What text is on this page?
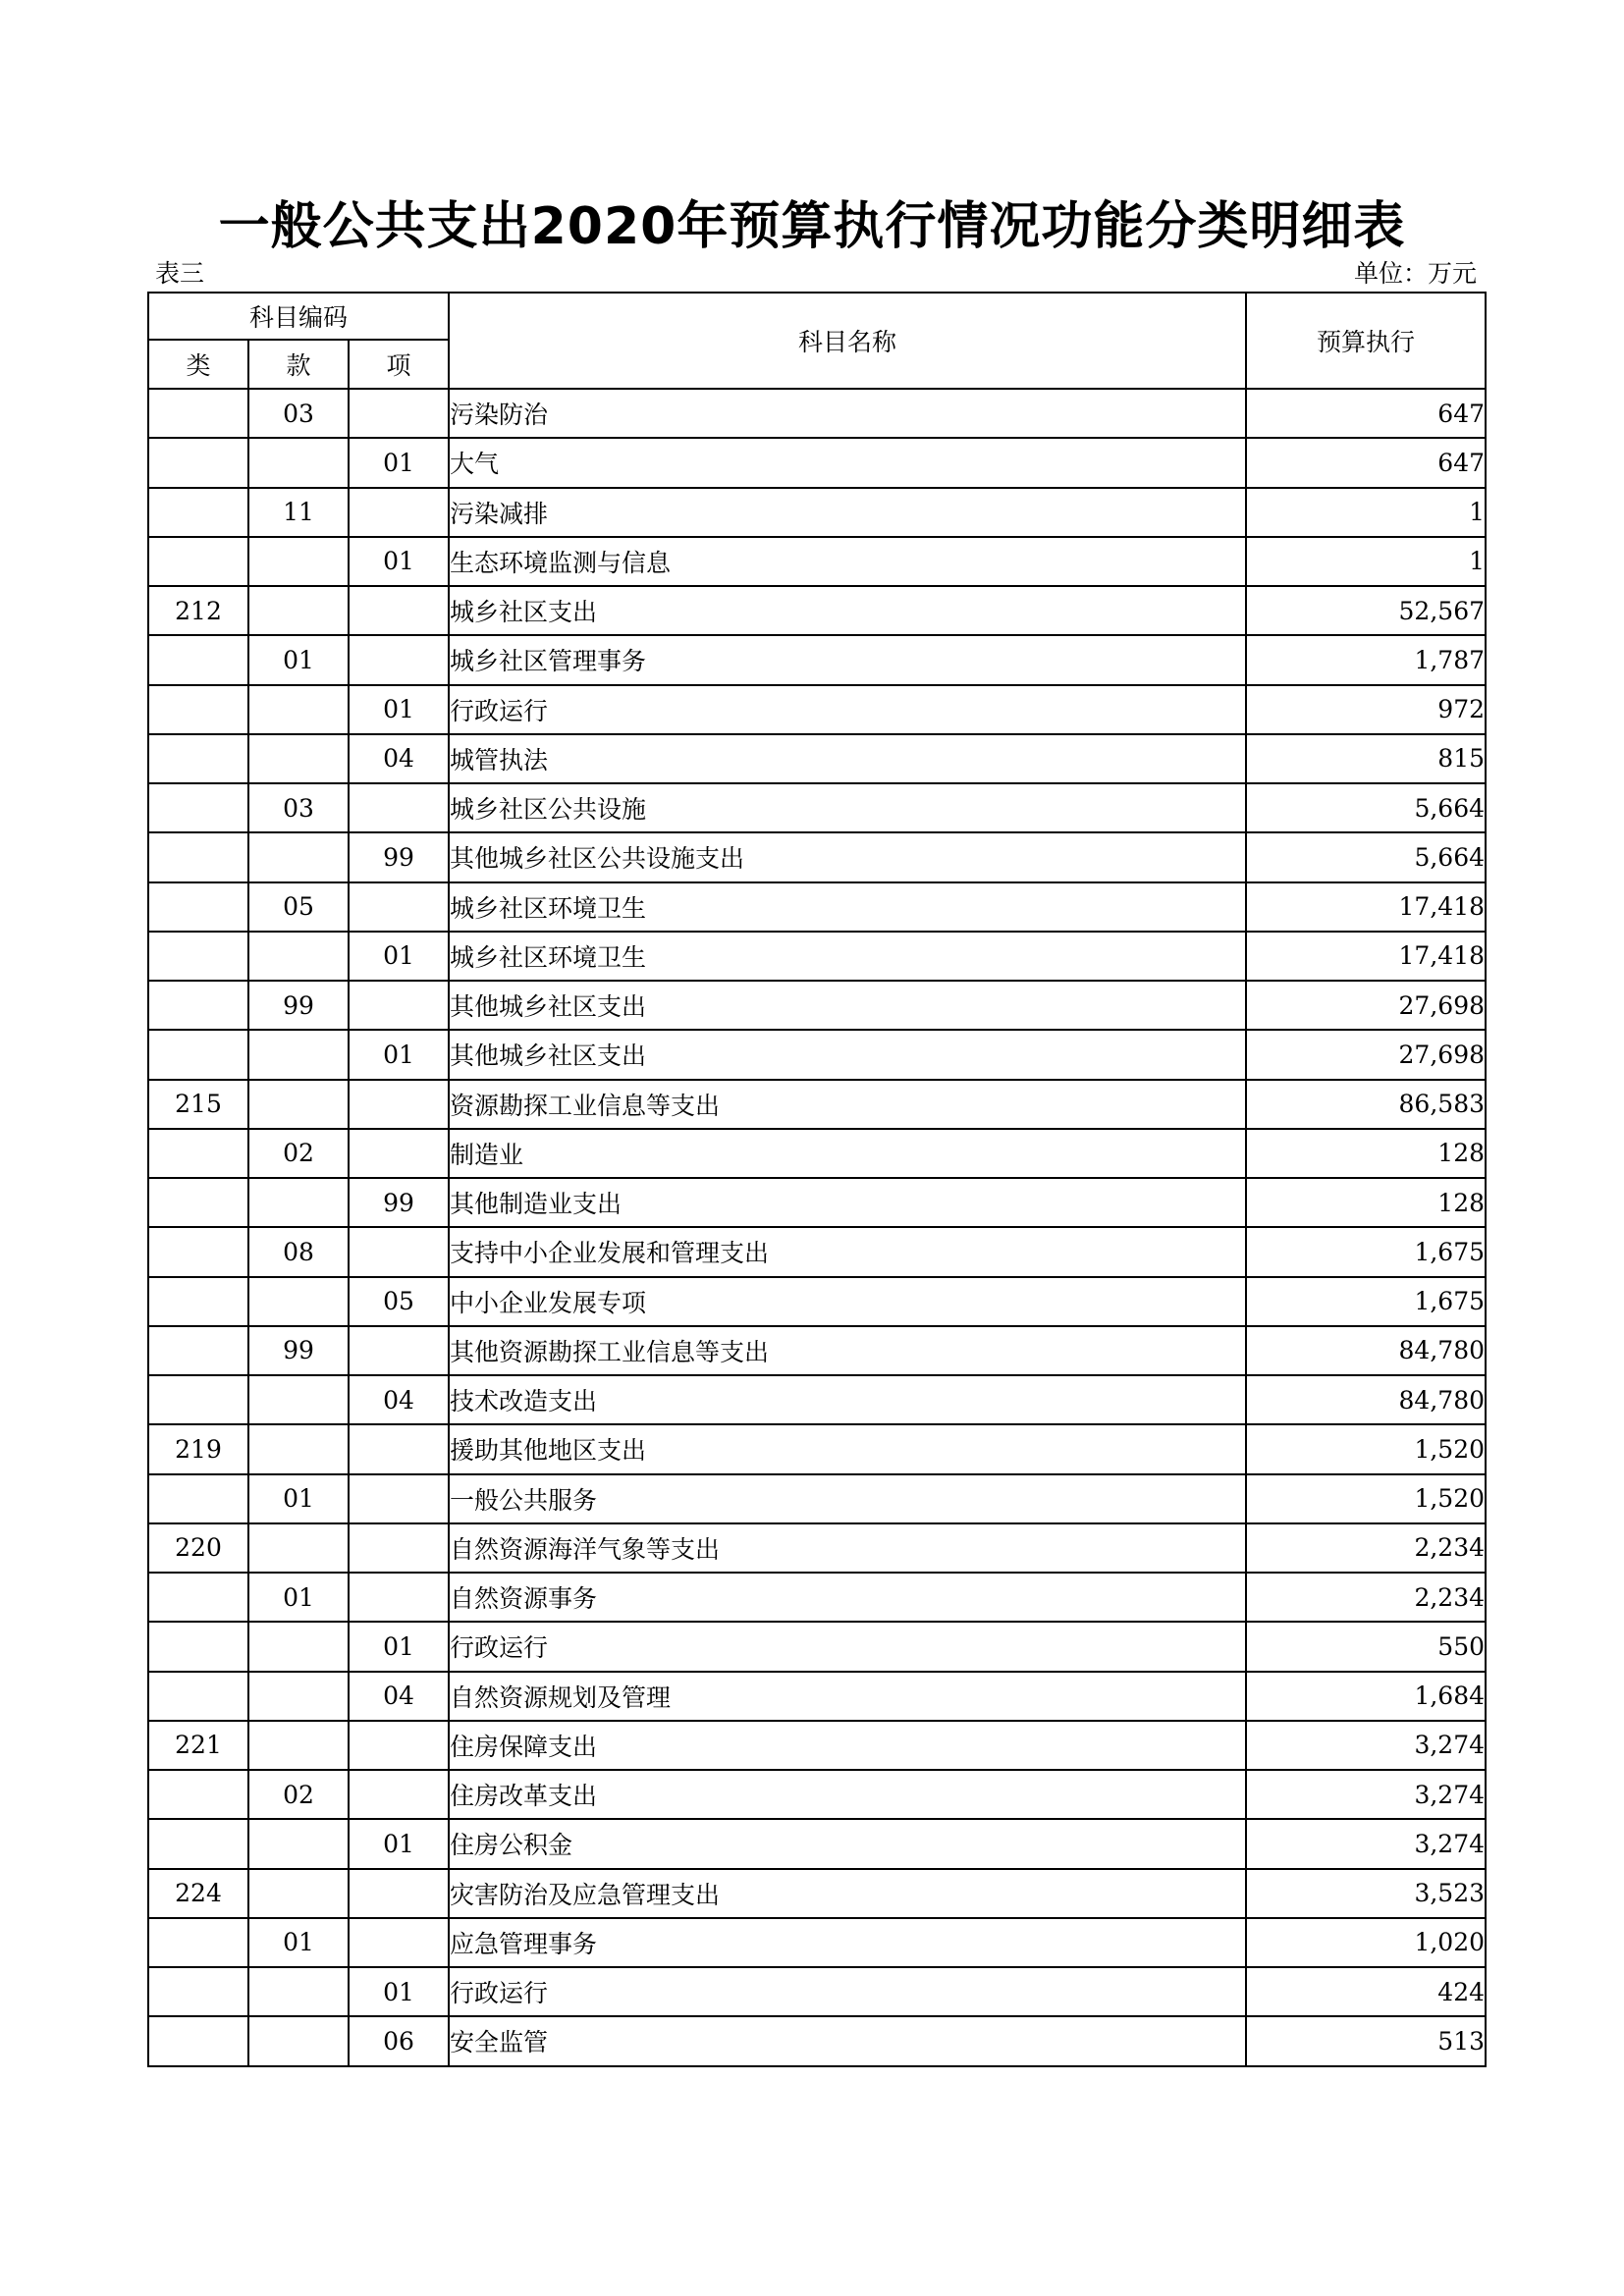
一般公共支出2020年预算执行情况功能分类明细表
表三	单位：万元
科目编码			科目名称	预算执行
类	款	项		
	03		污染防治	647
		01	大气	647
	11		污染减排	1
		01	生态环境监测与信息	1
212			城乡社区支出	52,567
	01		城乡社区管理事务	1,787
		01	行政运行	972
		04	城管执法	815
	03		城乡社区公共设施	5,664
		99	其他城乡社区公共设施支出	5,664
	05		城乡社区环境卫生	17,418
		01	城乡社区环境卫生	17,418
	99		其他城乡社区支出	27,698
		01	其他城乡社区支出	27,698
215			资源勘探工业信息等支出	86,583
	02		制造业	128
		99	其他制造业支出	128
	08		支持中小企业发展和管理支出	1,675
		05	中小企业发展专项	1,675
	99		其他资源勘探工业信息等支出	84,780
		04	技术改造支出	84,780
219			援助其他地区支出	1,520
	01		一般公共服务	1,520
220			自然资源海洋气象等支出	2,234
	01		自然资源事务	2,234
		01	行政运行	550
		04	自然资源规划及管理	1,684
221			住房保障支出	3,274
	02		住房改革支出	3,274
		01	住房公积金	3,274
224			灾害防治及应急管理支出	3,523
	01		应急管理事务	1,020
		01	行政运行	424
		06	安全监管	513
